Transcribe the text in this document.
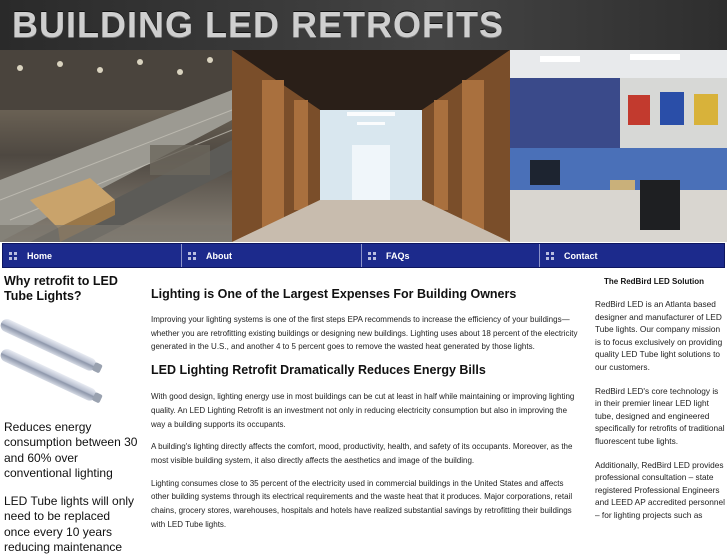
BUILDING LED RETROFITS
Home	About	FAQs	Contact
Why retrofit to LED Tube Lights?
Reduces energy consumption between 30 and 60% over conventional lighting
LED Tube lights will only need to be replaced once every 10 years reducing maintenance
Lighting is One of the Largest Expenses For Building Owners

Improving your lighting systems is one of the first steps EPA recommends to increase the efficiency of your buildings—whether you are retrofitting existing buildings or designing new buildings. Lighting uses about 18 percent of the electricity generated in the U.S., and another 4 to 5 percent goes to remove the wasted heat generated by those lights.

LED Lighting Retrofit Dramatically Reduces Energy Bills

With good design, lighting energy use in most buildings can be cut at least in half while maintaining or improving lighting quality. An LED Lighting Retrofit is an investment not only in reducing electricity consumption but also in improving the way a building supports its occupants.

A building's lighting directly affects the comfort, mood, productivity, health, and safety of its occupants. Moreover, as the most visible building system, it also directly affects the aesthetics and image of the building.

Lighting consumes close to 35 percent of the electricity used in commercial buildings in the United States and affects other building systems through its electrical requirements and the waste heat that it produces. Major corporations, retail chains, grocery stores, warehouses, hospitals and hotels have realized substantial savings by retrofitting their buildings with LED Tube lights.

The RedBird LED Solution

RedBird LED is an Atlanta based designer and manufacturer of LED Tube lights. Our company mission is to focus exclusively on providing quality LED Tube light solutions to our customers.

RedBird LED's core technology is in their premier linear LED light tube, designed and engineered specifically for retrofits of traditional fluorescent tube lights.

Additionally, RedBird LED provides professional consultation – state registered Professional Engineers and LEED AP accredited personnel – for lighting projects such as
